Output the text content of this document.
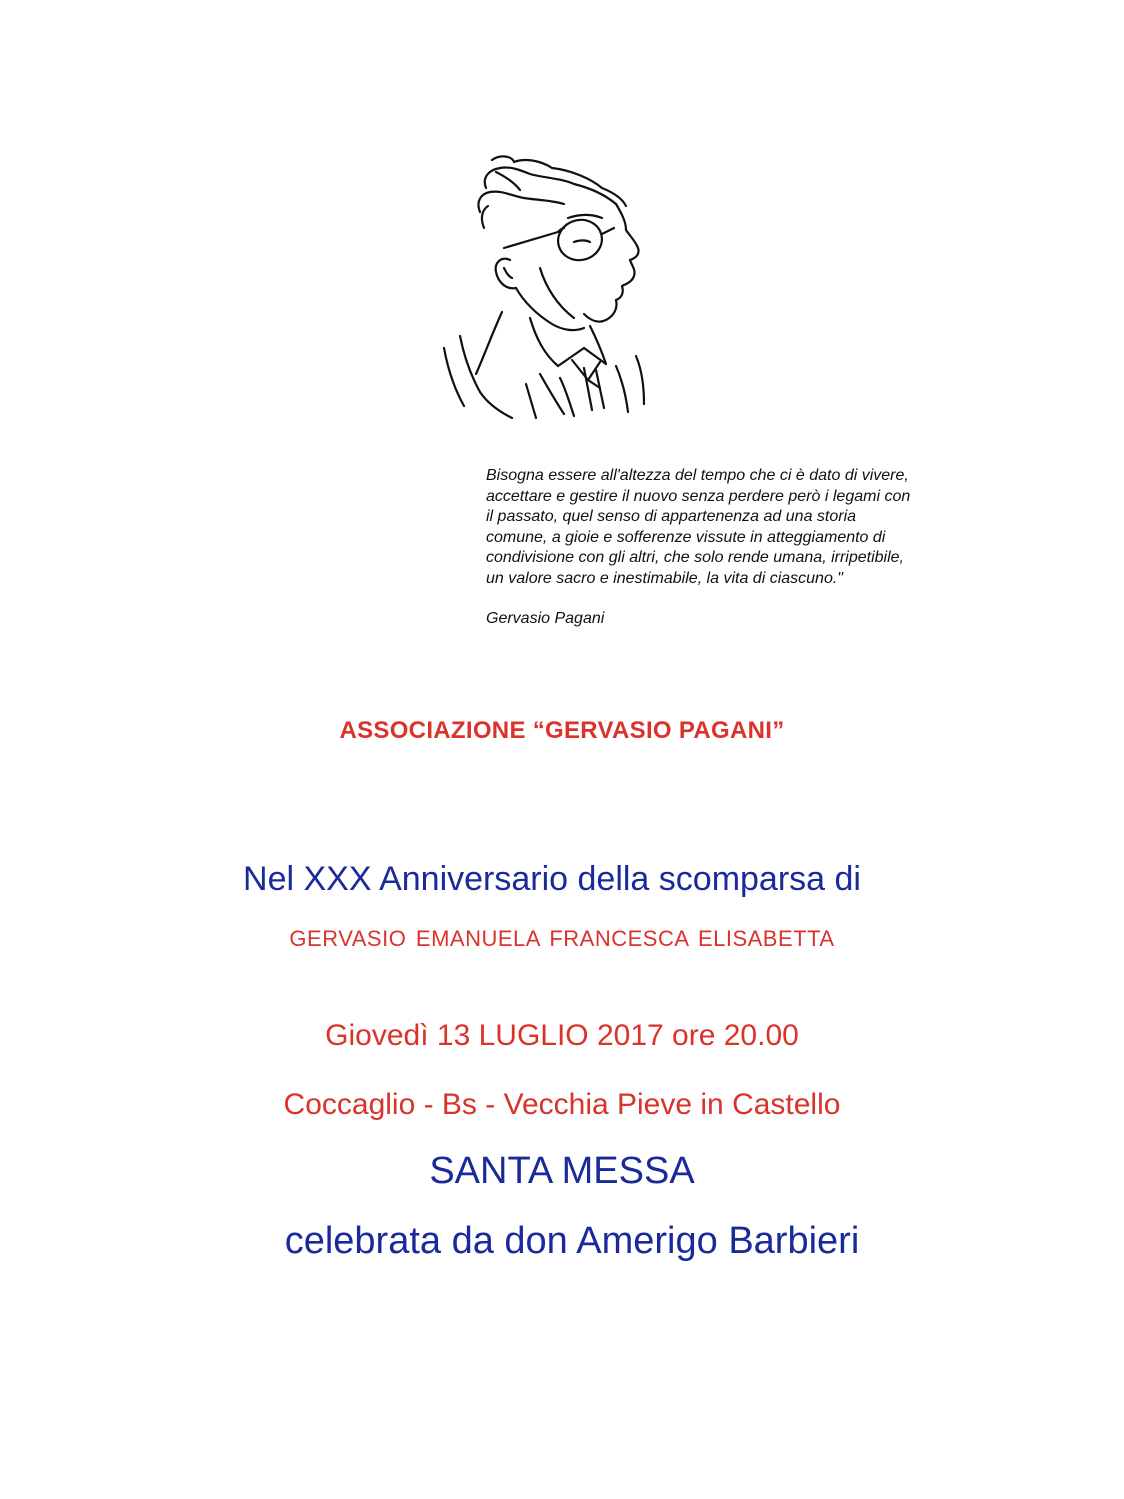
Bisogna essere all'altezza del tempo che ci è dato di vivere,
accettare e gestire il nuovo senza perdere però i legami con
il passato, quel senso di appartenenza ad una storia
comune, a gioie e sofferenze vissute in atteggiamento di
condivisione con gli altri, che solo rende umana, irripetibile,
un valore sacro e inestimabile, la vita di ciascuno."
Gervasio Pagani
ASSOCIAZIONE “GERVASIO PAGANI”
Nel XXX Anniversario della scomparsa di
GERVASIO EMANUELA FRANCESCA ELISABETTA
Giovedì 13 LUGLIO 2017 ore 20.00
Coccaglio - Bs - Vecchia Pieve in Castello
SANTA MESSA
celebrata da don Amerigo Barbieri
